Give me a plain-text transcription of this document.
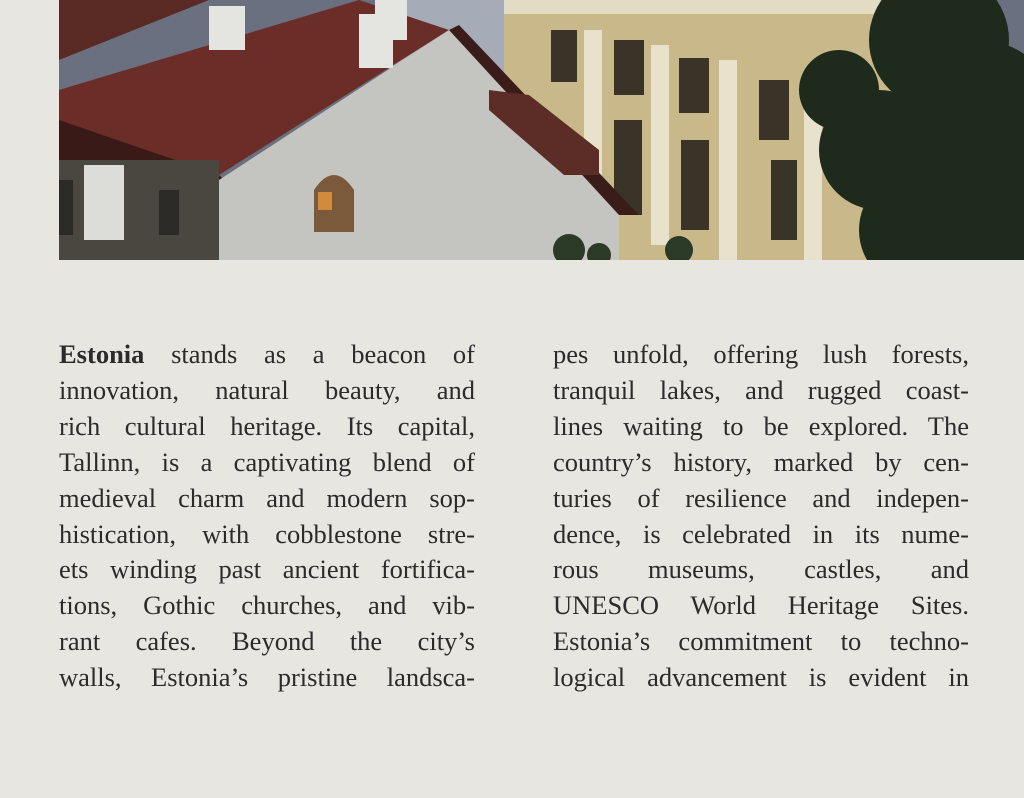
Estonia stands as a beacon of
innovation, natural beauty, and
rich cultural heritage. Its capital,
Tallinn, is a captivating blend of
medieval charm and modern sop-
histication, with cobblestone stre-
ets winding past ancient fortifica-
tions, Gothic churches, and vib-
rant cafes. Beyond the city’s
walls, Estonia’s pristine landsca-
pes unfold, offering lush forests,
tranquil lakes, and rugged coast-
lines waiting to be explored. The
country’s history, marked by cen-
turies of resilience and indepen-
dence, is celebrated in its nume-
rous museums, castles, and
UNESCO World Heritage Sites.
Estonia’s commitment to techno-
logical advancement is evident in
